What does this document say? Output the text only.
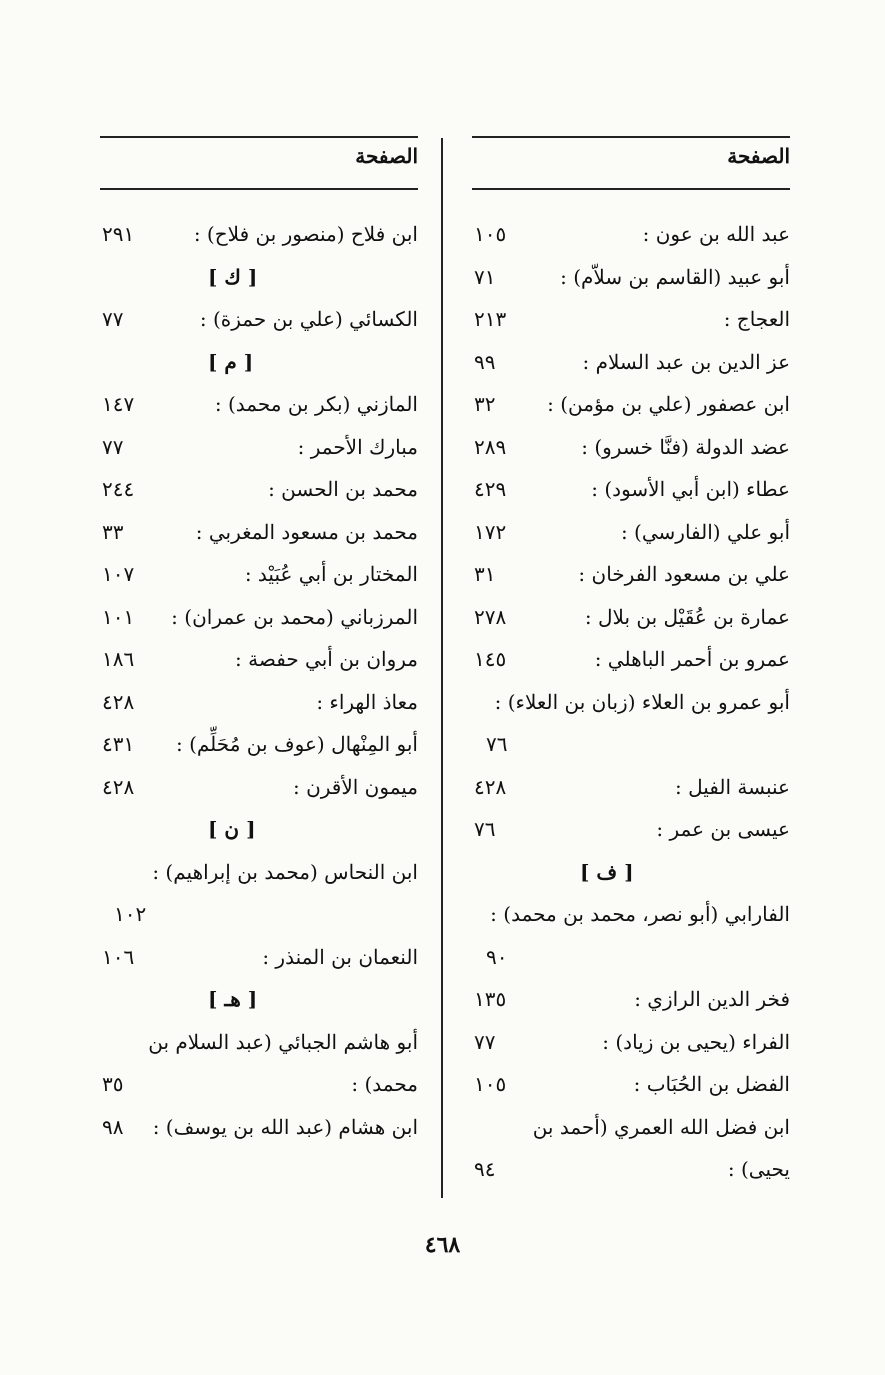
الصفحة
عبد الله بن عون :
١٠٥
أبو عبيد (القاسم بن سلاّم) :
٧١
العجاج :
٢١٣
عز الدين بن عبد السلام :
٩٩
ابن عصفور (علي بن مؤمن) :
٣٢
عضد الدولة (فنَّا خسرو) :
٢٨٩
عطاء (ابن أبي الأسود) :
٤٢٩
أبو علي (الفارسي) :
١٧٢
علي بن مسعود الفرخان :
٣١
عمارة بن عُقَيْل بن بلال :
٢٧٨
عمرو بن أحمر الباهلي :
١٤٥
أبو عمرو بن العلاء (زبان بن العلاء) :
٧٦
عنبسة الفيل :
٤٢٨
عيسى بن عمر :
٧٦
[ ف ]
الفارابي (أبو نصر، محمد بن محمد) :
٩٠
فخر الدين الرازي :
١٣٥
الفراء (يحيى بن زياد) :
٧٧
الفضل بن الحُبَاب :
١٠٥
ابن فضل الله العمري (أحمد بن
يحيى) :
٩٤
الصفحة
ابن فلاح (منصور بن فلاح) :
٢٩١
[ ك ]
الكسائي (علي بن حمزة) :
٧٧
[ م ]
المازني (بكر بن محمد) :
١٤٧
مبارك الأحمر :
٧٧
محمد بن الحسن :
٢٤٤
محمد بن مسعود المغربي :
٣٣
المختار بن أبي عُبَيْد :
١٠٧
المرزباني (محمد بن عمران) :
١٠١
مروان بن أبي حفصة :
١٨٦
معاذ الهراء :
٤٢٨
أبو المِنْهال (عوف بن مُحَلِّم) :
٤٣١
ميمون الأقرن :
٤٢٨
[ ن ]
ابن النحاس (محمد بن إبراهيم) :
١٠٢
النعمان بن المنذر :
١٠٦
[ هـ ]
أبو هاشم الجبائي (عبد السلام بن
محمد) :
٣٥
ابن هشام (عبد الله بن يوسف) :
٩٨
٤٦٨
